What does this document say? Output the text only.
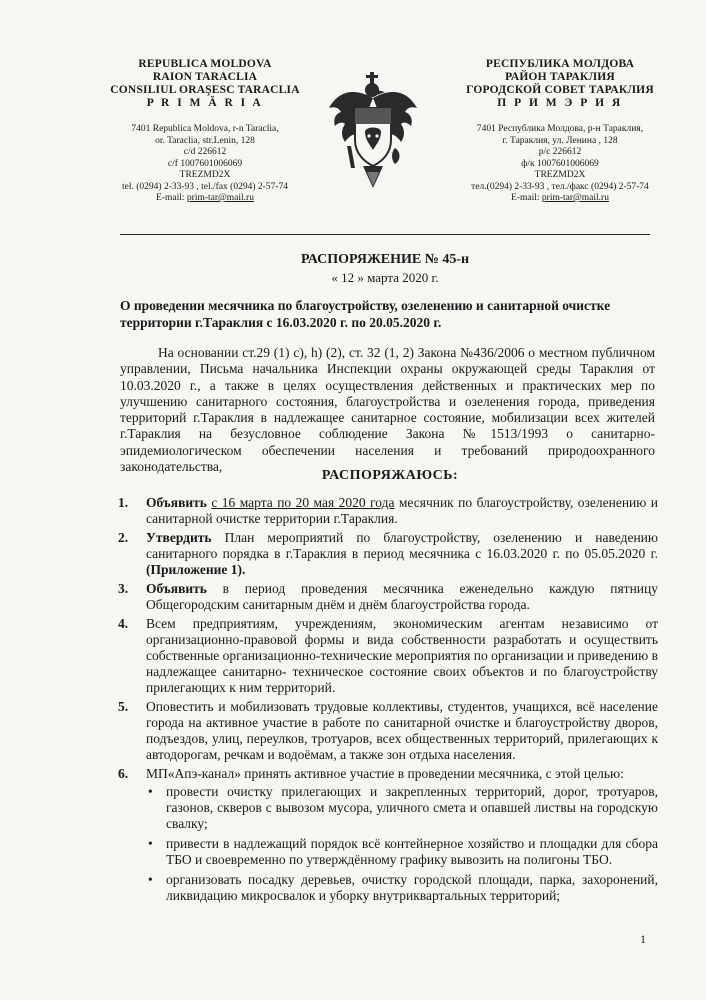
REPUBLICA MOLDOVA
RAION TARACLIA
CONSILIUL ORAŞESC TARACLIA
P R I M Ă R I A
7401 Republica Moldova, r-n Taraclia,
or. Taraclia, str.Lenin, 128
c/d 226612
c/f 1007601006069
TREZMD2X
tel. (0294) 2-33-93 , tel./fax (0294) 2-57-74
E-mail: prim-tar@mail.ru
РЕСПУБЛИКА МОЛДОВА
РАЙОН ТАРАКЛИЯ
ГОРОДСКОЙ СОВЕТ ТАРАКЛИЯ
П Р И М Э Р И Я
7401 Республика Молдова, р-н Тараклия,
г. Тараклия, ул. Ленина , 128
р/с 226612
ф/к 1007601006069
TREZMD2X
тел.(0294) 2-33-93 , тел./факс (0294) 2-57-74
E-mail: prim-tar@mail.ru
РАСПОРЯЖЕНИЕ № 45-н
« 12 » марта 2020 г.
О проведении месячника по благоустройству, озеленению и санитарной очистке территории г.Тараклия с 16.03.2020 г. по 20.05.2020 г.
На основании ст.29 (1) с), h) (2), ст. 32 (1, 2) Закона №436/2006 о местном публичном управлении, Письма начальника Инспекции охраны окружающей среды Тараклия от 10.03.2020 г., а также в целях осуществления действенных и практических мер по улучшению санитарного состояния, благоустройства и озеленения города, приведения территорий г.Тараклия в надлежащее санитарное состояние, мобилизации всех жителей г.Тараклия на безусловное соблюдение Закона №1513/1993 о санитарно-эпидемиологическом обеспечении населения и требований природоохранного законодательства,
РАСПОРЯЖАЮСЬ:
1. Объявить с 16 марта по 20 мая 2020 года месячник по благоустройству, озеленению и санитарной очистке территории г.Тараклия.
2. Утвердить План мероприятий по благоустройству, озеленению и наведению санитарного порядка в г.Тараклия в период месячника с 16.03.2020 г. по 05.05.2020 г. (Приложение 1).
3. Объявить в период проведения месячника еженедельно каждую пятницу Общегородским санитарным днём и днём благоустройства города.
4. Всем предприятиям, учреждениям, экономическим агентам независимо от организационно-правовой формы и вида собственности разработать и осуществить собственные организационно-технические мероприятия по организации и приведению в надлежащее санитарно- техническое состояние своих объектов и по благоустройству прилегающих к ним территорий.
5. Оповестить и мобилизовать трудовые коллективы, студентов, учащихся, всё население города на активное участие в работе по санитарной очистке и благоустройству дворов, подъездов, улиц, переулков, тротуаров, всех общественных территорий, прилегающих к автодорогам, речкам и водоёмам, а также зон отдыха населения.
6. МП«Апэ-канал» принять активное участие в проведении месячника, с этой целью:
• провести очистку прилегающих и закрепленных территорий, дорог, тротуаров, газонов, скверов с вывозом мусора, уличного смета и опавшей листвы на городскую свалку;
• привести в надлежащий порядок всё контейнерное хозяйство и площадки для сбора ТБО и своевременно по утверждённому графику вывозить на полигоны ТБО.
• организовать посадку деревьев, очистку городской площади, парка, захоронений, ликвидацию микросвалок и уборку внутриквартальных территорий;
1
